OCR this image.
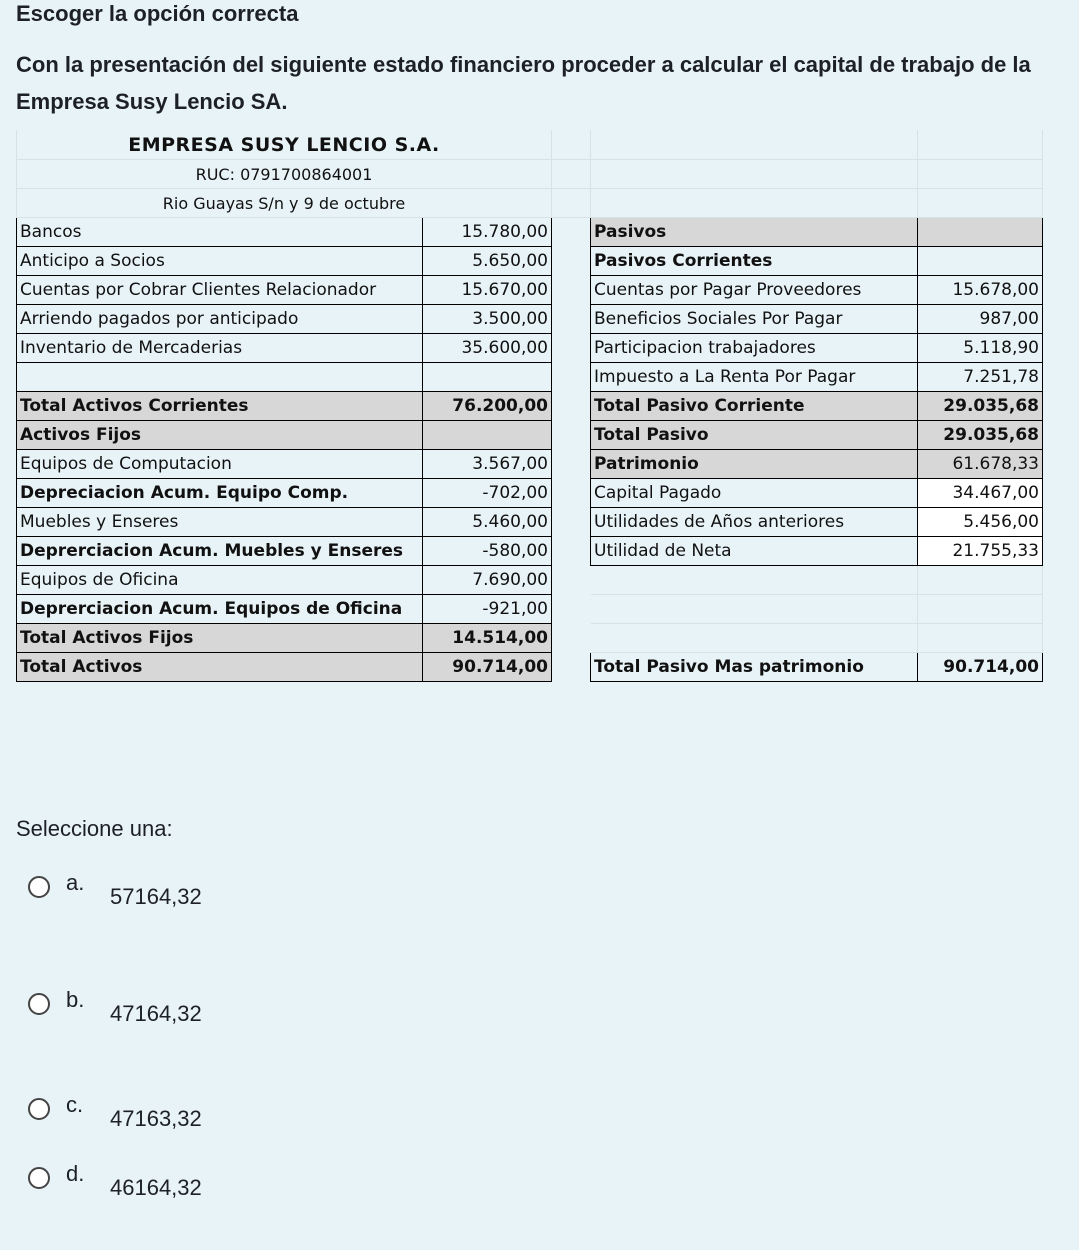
Escoger la opción correcta
Con la presentación del siguiente estado financiero proceder a calcular el capital de trabajo de la Empresa Susy Lencio SA.
EMPRESA SUSY LENCIO S.A.				
RUC: 0791700864001				
Rio Guayas S/n y 9 de octubre				
Bancos	15.780,00		Pasivos	
Anticipo a Socios	5.650,00		Pasivos Corrientes	
Cuentas por Cobrar Clientes Relacionador	15.670,00		Cuentas por Pagar Proveedores	15.678,00
Arriendo pagados por anticipado	3.500,00		Beneficios Sociales Por Pagar	987,00
Inventario de Mercaderias	35.600,00		Participacion trabajadores	5.118,90
			Impuesto a La Renta Por Pagar	7.251,78
Total Activos Corrientes	76.200,00		Total Pasivo Corriente	29.035,68
Activos Fijos			Total Pasivo	29.035,68
Equipos de Computacion	3.567,00		Patrimonio	61.678,33
Depreciacion Acum. Equipo Comp.	-702,00		Capital Pagado	34.467,00
Muebles y Enseres	5.460,00		Utilidades de Años anteriores	5.456,00
Deprerciacion Acum. Muebles y Enseres	-580,00		Utilidad de Neta	21.755,33
Equipos de Oficina	7.690,00			
Deprerciacion Acum. Equipos de Oficina	-921,00			
Total Activos Fijos	14.514,00			
Total Activos	90.714,00		Total Pasivo Mas patrimonio	90.714,00
Seleccione una:
a.
57164,32
b.
47164,32
c.
47163,32
d.
46164,32
